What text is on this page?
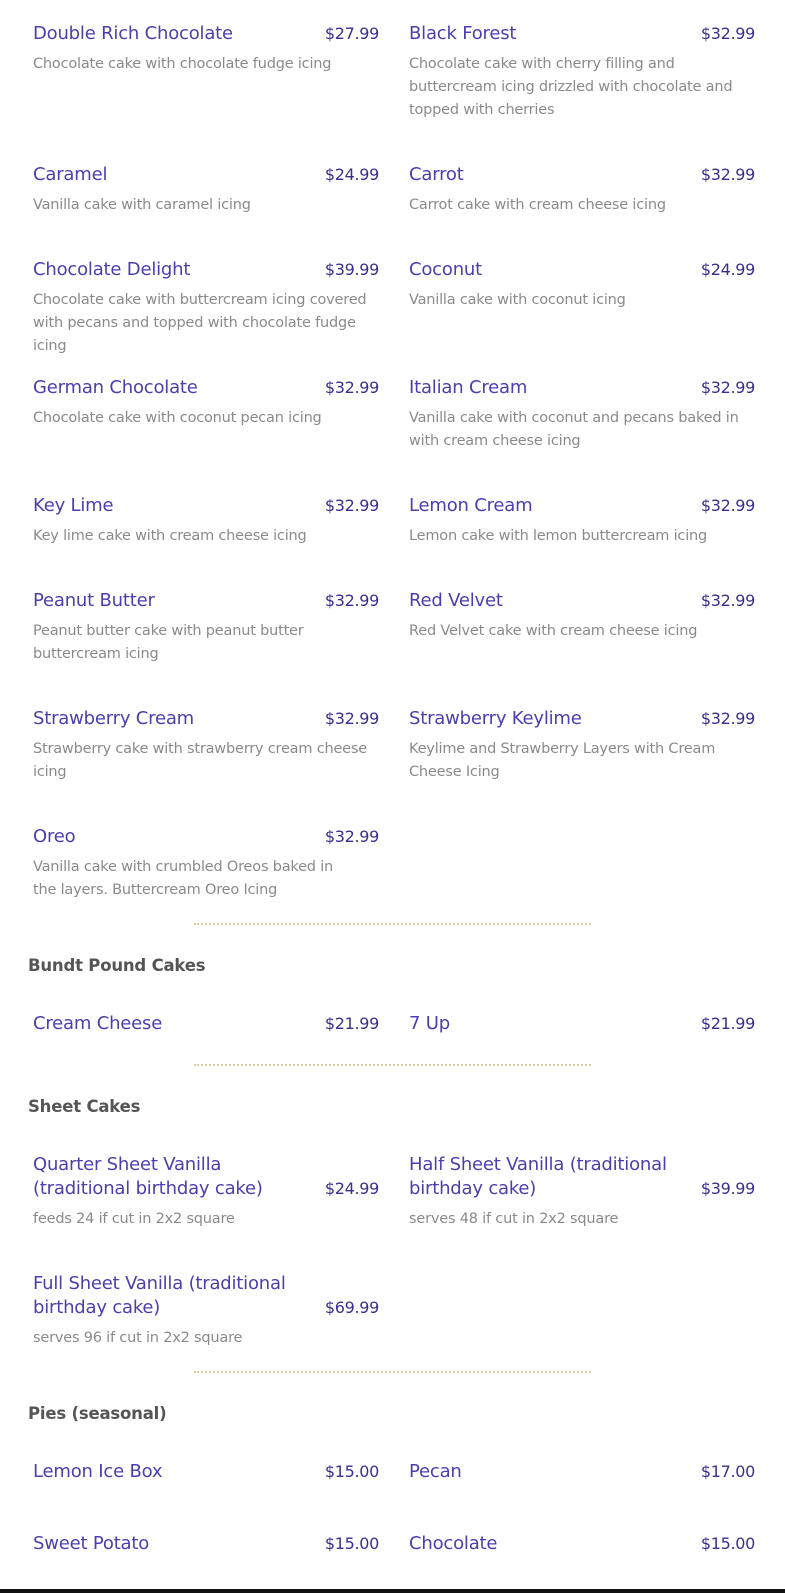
Double Rich Chocolate	$27.99
Chocolate cake with chocolate fudge icing
Black Forest	$32.99
Chocolate cake with cherry filling and buttercream icing drizzled with chocolate and topped with cherries
Caramel	$24.99
Vanilla cake with caramel icing
Carrot	$32.99
Carrot cake with cream cheese icing
Chocolate Delight	$39.99
Chocolate cake with buttercream icing covered with pecans and topped with chocolate fudge icing
Coconut	$24.99
Vanilla cake with coconut icing
German Chocolate	$32.99
Chocolate cake with coconut pecan icing
Italian Cream	$32.99
Vanilla cake with coconut and pecans baked in with cream cheese icing
Key Lime	$32.99
Key lime cake with cream cheese icing
Lemon Cream	$32.99
Lemon cake with lemon buttercream icing
Peanut Butter	$32.99
Peanut butter cake with peanut butter buttercream icing
Red Velvet	$32.99
Red Velvet cake with cream cheese icing
Strawberry Cream	$32.99
Strawberry cake with strawberry cream cheese icing
Strawberry Keylime	$32.99
Keylime and Strawberry Layers with Cream Cheese Icing
Oreo	$32.99
Vanilla cake with crumbled Oreos baked in the layers. Buttercream Oreo Icing
Bundt Pound Cakes
Cream Cheese	$21.99 7 Up	$21.99
Sheet Cakes
Quarter Sheet Vanilla (traditional birthday cake)	$24.99
feeds 24 if cut in 2x2 square
Half Sheet Vanilla (traditional birthday cake)	$39.99
serves 48 if cut in 2x2 square
Full Sheet Vanilla (traditional birthday cake)	$69.99
serves 96 if cut in 2x2 square
Pies (seasonal)
Lemon Ice Box	$15.00 Pecan	$17.00
Sweet Potato	$15.00 Chocolate	$15.00
